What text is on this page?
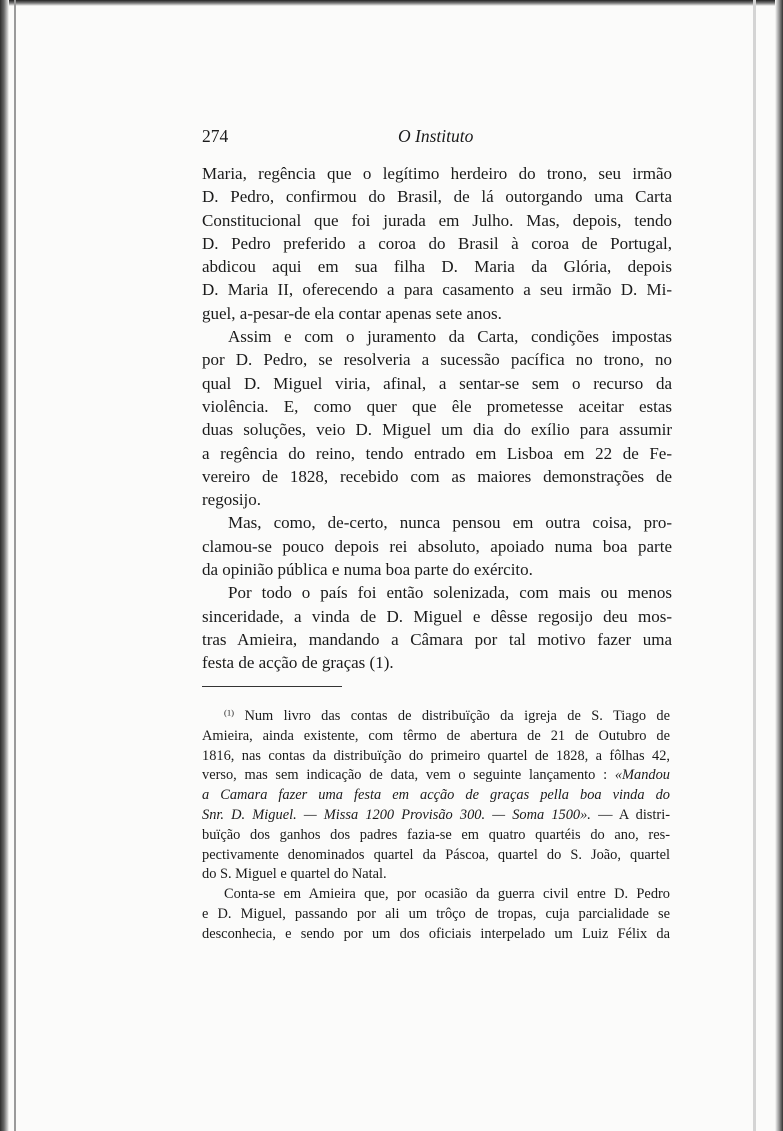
274	O Instituto
Maria, regência que o legítimo herdeiro do trono, seu irmão
D. Pedro, confirmou do Brasil, de lá outorgando uma Carta
Constitucional que foi jurada em Julho. Mas, depois, tendo
D. Pedro preferido a coroa do Brasil à coroa de Portugal,
abdicou aqui em sua filha D. Maria da Glória, depois
D. Maria II, oferecendo a para casamento a seu irmão D. Mi-
guel, a-pesar-de ela contar apenas sete anos.
Assim e com o juramento da Carta, condições impostas
por D. Pedro, se resolveria a sucessão pacífica no trono, no
qual D. Miguel viria, afinal, a sentar-se sem o recurso da
violência. E, como quer que êle prometesse aceitar estas
duas soluções, veio D. Miguel um dia do exílio para assumir
a regência do reino, tendo entrado em Lisboa em 22 de Fe-
vereiro de 1828, recebido com as maiores demonstrações de
regosijo.
Mas, como, de-certo, nunca pensou em outra coisa, pro-
clamou-se pouco depois rei absoluto, apoiado numa boa parte
da opinião pública e numa boa parte do exército.
Por todo o país foi então solenizada, com mais ou menos
sinceridade, a vinda de D. Miguel e dêsse regosijo deu mos-
tras Amieira, mandando a Câmara por tal motivo fazer uma
festa de acção de graças (1).
$^{(1)}$ Num livro das contas de distribuïção da igreja de S. Tiago de
Amieira, ainda existente, com têrmo de abertura de 21 de Outubro de
1816, nas contas da distribuïção do primeiro quartel de 1828, a fôlhas 42,
verso, mas sem indicação de data, vem o seguinte lançamento : «Mandou
a Camara fazer uma festa em acção de graças pella boa vinda do
Snr. D. Miguel. — Missa 1200 Provisão 300. — Soma 1500». — A distri-
buïção dos ganhos dos padres fazia-se em quatro quartéis do ano, res-
pectivamente denominados quartel da Páscoa, quartel do S. João, quartel
do S. Miguel e quartel do Natal.
Conta-se em Amieira que, por ocasião da guerra civil entre D. Pedro
e D. Miguel, passando por ali um trôço de tropas, cuja parcialidade se
desconhecia, e sendo por um dos oficiais interpelado um Luiz Félix da
